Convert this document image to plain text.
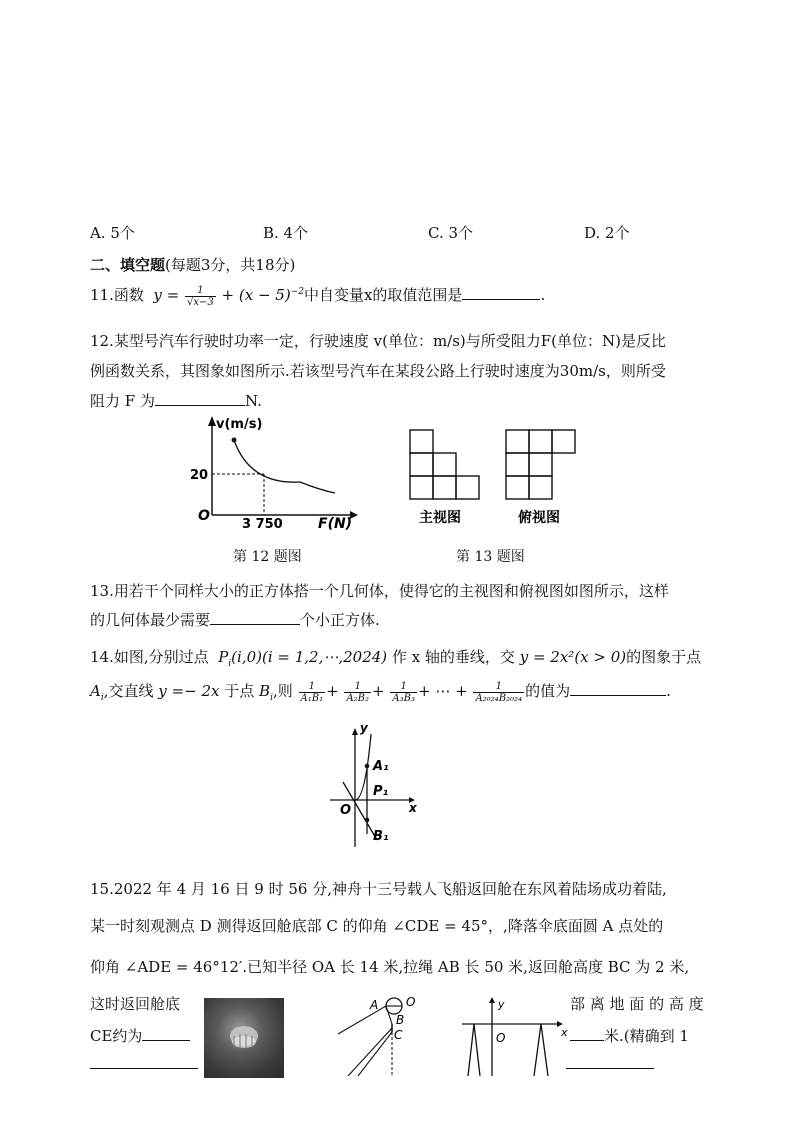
A. 5个	B. 4个	C. 3个	D. 2个
二、填空题(每题3分，共18分)
11.函数  $y = \frac{1}{√x-3} + (x - 5)^{-2}$中自变量x的取值范围是	.
12.某型号汽车行驶时功率一定，行驶速度 v(单位：m/s)与所受阻力F(单位：N)是反比
例函数关系，其图象如图所示.若该型号汽车在某段公路上行驶时速度为30m/s，则所受
阻力 F 为	N.
v(m/s)
20
3 750	F(N)
O	主视图	俯视图
第 12 题图	第 13 题图
13.用若干个同样大小的正方体搭一个几何体，使得它的主视图和俯视图如图所示，这样
的几何体最少需要	个小正方体.
14.如图,分别过点 $P_i(i,0)(i$ = 1,2,⋯,2024) 作 x 轴的垂线，交 y = 2x²(x > 0)的图象于点
$A_i$,交直线 y =− 2x 于点 $B_i$,则 $\frac{1}{\text{A₁B₁}} + \frac{1}{\text{A₂B₂}} + \frac{1}{\text{A₃B₃}}$ + ⋯ + $\frac{1}{\text{A₂₀₂₄B₂₀₂₄}}$ 的值为	.
y
x
O
A₁
P₁
B₁
15.2022 年 4 月 16 日 9 时 56 分,神舟十三号载人飞船返回舱在东风着陆场成功着陆,
某一时刻观测点 D 测得返回舱底部 C 的仰角 ∠CDE = 45°，,降落伞底面圆 A 点处的
仰角 ∠ADE = 46°12′.已知半径 OA 长 14 米,拉绳 AB 长 50 米,返回舱高度 BC 为 2 米,
这时返回舱底	部 离 地 面 的 高 度
CE约为	米.(精确到 1
A O
B
C
y
x
O
